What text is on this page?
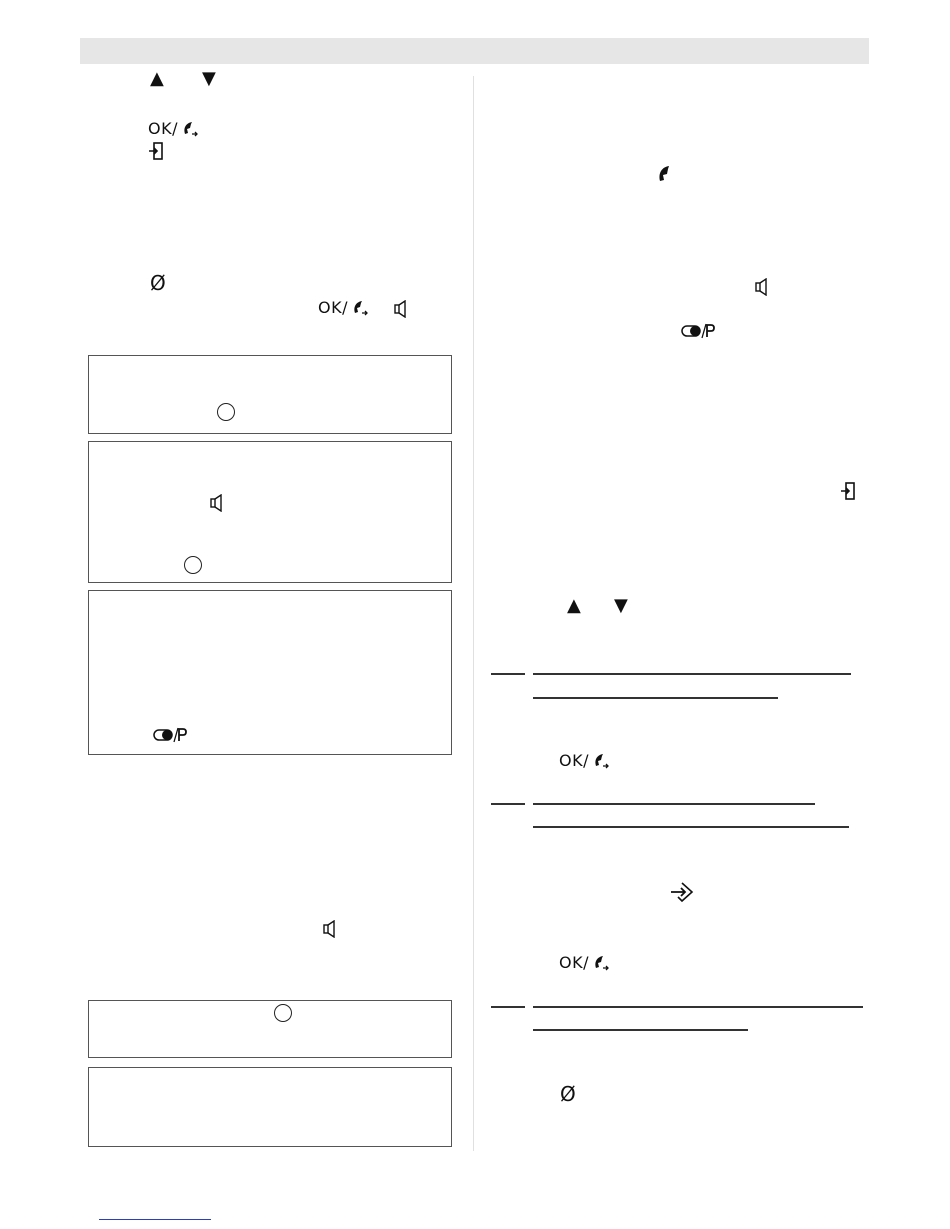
▲ ▼
OK/
Ø
OK/
▲ ▼
OK/
OK/
Ø
